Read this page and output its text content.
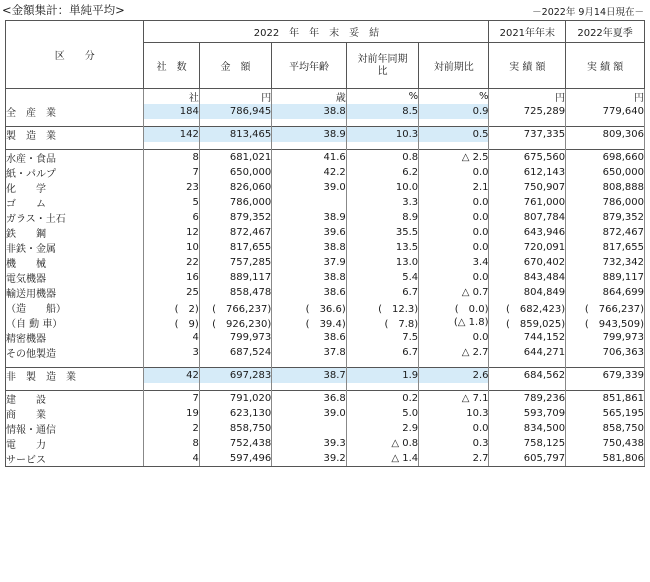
<金額集計：単純平均>	－2022年 9月14日現在－
区　　分	2022　年　年　末　妥　結					2021年年末	2022年夏季
	社　数	金　額	平均年齢	対前年同期比	対前期比	実 績 額	実 績 額
	社	円	歳	%	%	円	円
全　産　業	184	786,945	38.8	8.5	0.9	725,289	779,640

製　造　業	142	813,465	38.9	10.3	0.5	737,335	809,306

水産・食品	8	681,021	41.6	0.8	△ 2.5	675,560	698,660
紙・パルプ	7	650,000	42.2	6.2	0.0	612,143	650,000
化　　学	23	826,060	39.0	10.0	2.1	750,907	808,888
ゴ　　ム	5	786,000		3.3	0.0	761,000	786,000
ガラス・土石	6	879,352	38.9	8.9	0.0	807,784	879,352
鉄　　鋼	12	872,467	39.6	35.5	0.0	643,946	872,467
非鉄・金属	10	817,655	38.8	13.5	0.0	720,091	817,655
機　　械	22	757,285	37.9	13.0	3.4	670,402	732,342
電気機器	16	889,117	38.8	5.4	0.0	843,484	889,117
輸送用機器	25	858,478	38.6	6.7	△ 0.7	804,849	864,699
（造　　船）	(　2)	(　766,237)	(　36.6)	(　12.3)	(　0.0)	(　682,423)	(　766,237)
（自 動 車）	(　9)	(　926,230)	(　39.4)	(　7.8)	(△ 1.8)	(　859,025)	(　943,509)
精密機器	4	799,973	38.6	7.5	0.0	744,152	799,973
その他製造	3	687,524	37.8	6.7	△ 2.7	644,271	706,363

非　製　造　業	42	697,283	38.7	1.9	2.6	684,562	679,339

建　　設	7	791,020	36.8	0.2	△ 7.1	789,236	851,861
商　　業	19	623,130	39.0	5.0	10.3	593,709	565,195
情報・通信	2	858,750		2.9	0.0	834,500	858,750
電　　力	8	752,438	39.3	△ 0.8	0.3	758,125	750,438
サービス	4	597,496	39.2	△ 1.4	2.7	605,797	581,806
